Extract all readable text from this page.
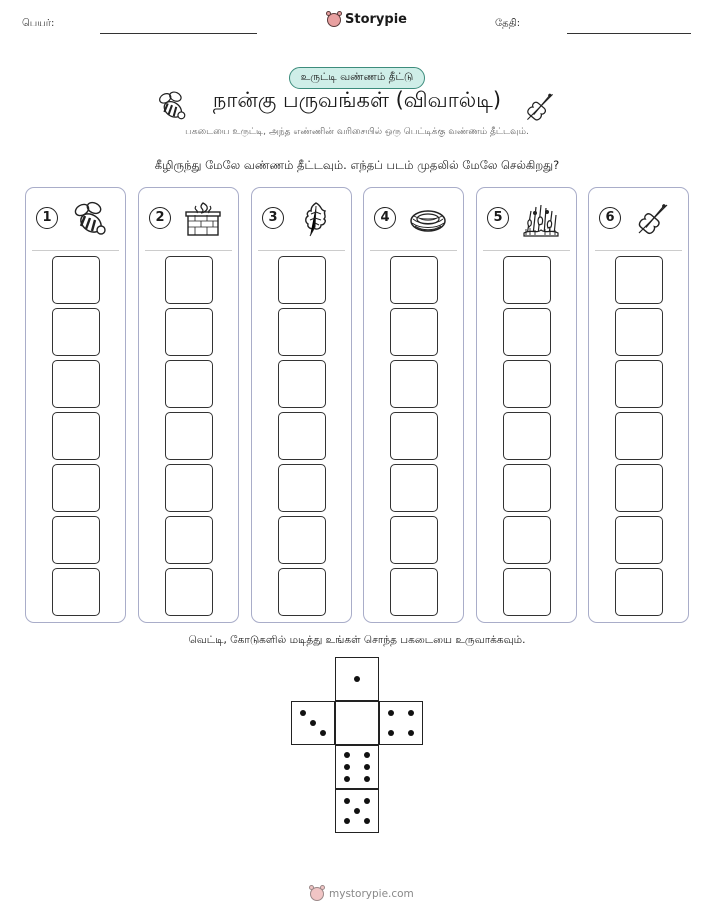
பெயர்:	Storypie	தேதி:
உருட்டி வண்ணம் தீட்டு
நான்கு பருவங்கள் (விவால்டி)
பகடையை உருட்டி, அந்த எண்ணின் வரிசையில் ஒரு பெட்டிக்கு வண்ணம் தீட்டவும்.
கீழிருந்து மேலே வண்ணம் தீட்டவும். எந்தப் படம் முதலில் மேலே செல்கிறது?
1	2	3	4	5	6
வெட்டி, கோடுகளில் மடித்து உங்கள் சொந்த பகடையை உருவாக்கவும்.
mystorypie.com
